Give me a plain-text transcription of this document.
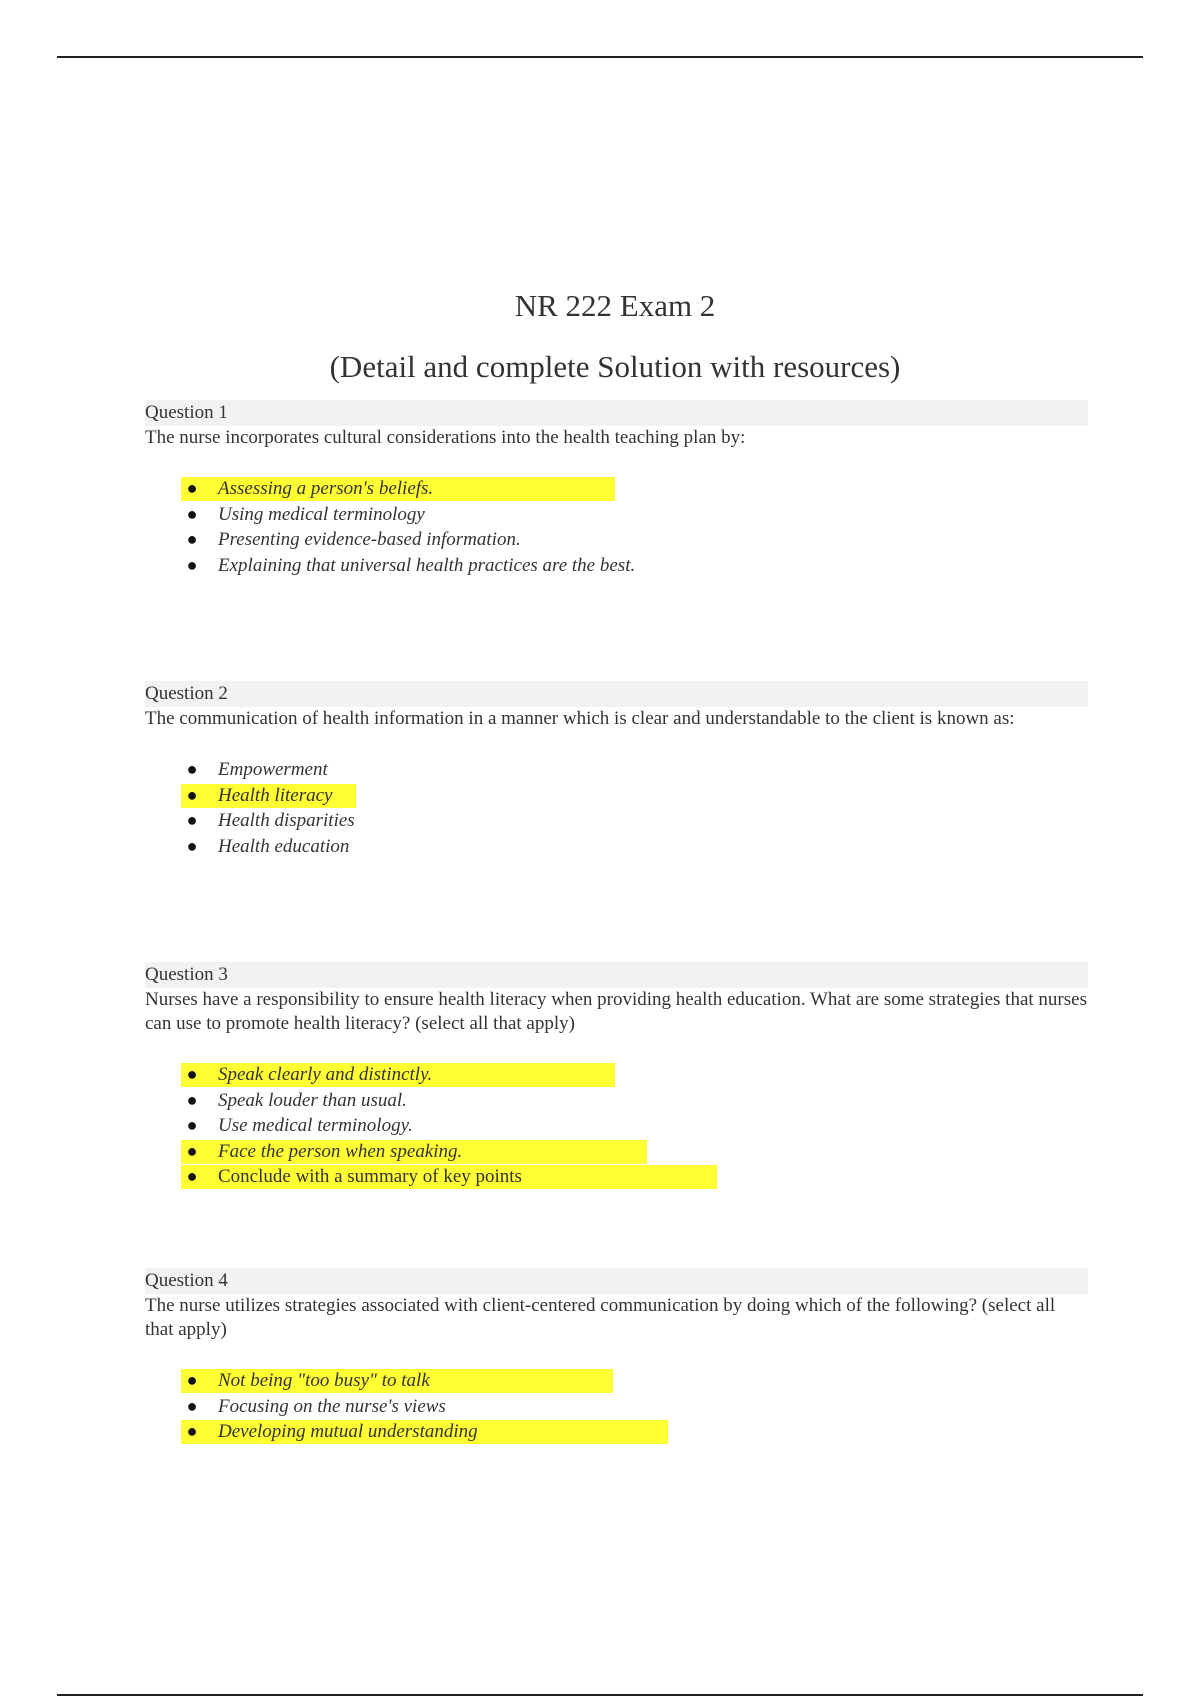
NR 222 Exam 2
(Detail and complete Solution with resources)
Question 1
The nurse incorporates cultural considerations into the health teaching plan by:
● Assessing a person's beliefs.
● Using medical terminology
● Presenting evidence-based information.
● Explaining that universal health practices are the best.
Question 2
The communication of health information in a manner which is clear and understandable to the client is known as:
● Empowerment
● Health literacy
● Health disparities
● Health education
Question 3
Nurses have a responsibility to ensure health literacy when providing health education. What are some strategies that nurses can use to promote health literacy? (select all that apply)
● Speak clearly and distinctly.
● Speak louder than usual.
● Use medical terminology.
● Face the person when speaking.
● Conclude with a summary of key points
Question 4
The nurse utilizes strategies associated with client-centered communication by doing which of the following? (select all that apply)
● Not being "too busy" to talk
● Focusing on the nurse's views
● Developing mutual understanding
